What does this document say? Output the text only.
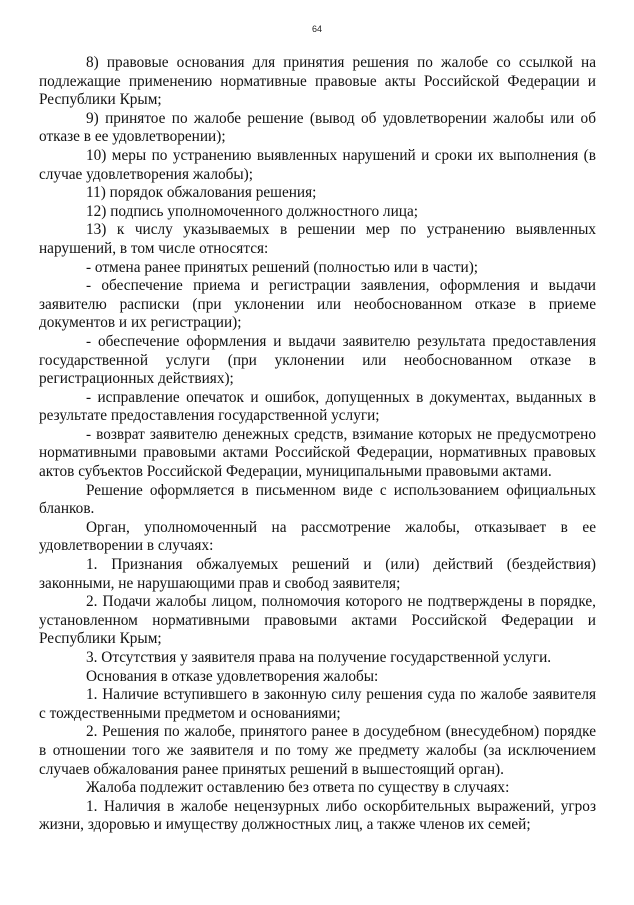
64

8) правовые основания для принятия решения по жалобе со ссылкой на подлежащие применению нормативные правовые акты Российской Федерации и Республики Крым;

9) принятое по жалобе решение (вывод об удовлетворении жалобы или об отказе в ее удовлетворении);

10) меры по устранению выявленных нарушений и сроки их выполнения (в случае удовлетворения жалобы);

11) порядок обжалования решения;

12) подпись уполномоченного должностного лица;

13) к числу указываемых в решении мер по устранению выявленных нарушений, в том числе относятся:

- отмена ранее принятых решений (полностью или в части);

- обеспечение приема и регистрации заявления, оформления и выдачи заявителю расписки (при уклонении или необоснованном отказе в приеме документов и их регистрации);

- обеспечение оформления и выдачи заявителю результата предоставления государственной услуги (при уклонении или необоснованном отказе в регистрационных действиях);

- исправление опечаток и ошибок, допущенных в документах, выданных в результате предоставления государственной услуги;

- возврат заявителю денежных средств, взимание которых не предусмотрено нормативными правовыми актами Российской Федерации, нормативных правовых актов субъектов Российской Федерации, муниципальными правовыми актами.

Решение оформляется в письменном виде с использованием официальных бланков.

Орган, уполномоченный на рассмотрение жалобы, отказывает в ее удовлетворении в случаях:

1. Признания обжалуемых решений и (или) действий (бездействия) законными, не нарушающими прав и свобод заявителя;

2. Подачи жалобы лицом, полномочия которого не подтверждены в порядке, установленном нормативными правовыми актами Российской Федерации и Республики Крым;

3. Отсутствия у заявителя права на получение государственной услуги.

Основания в отказе удовлетворения жалобы:

1. Наличие вступившего в законную силу решения суда по жалобе заявителя с тождественными предметом и основаниями;

2. Решения по жалобе, принятого ранее в досудебном (внесудебном) порядке в отношении того же заявителя и по тому же предмету жалобы (за исключением случаев обжалования ранее принятых решений в вышестоящий орган).

Жалоба подлежит оставлению без ответа по существу в случаях:

1. Наличия в жалобе нецензурных либо оскорбительных выражений, угроз жизни, здоровью и имуществу должностных лиц, а также членов их семей;
